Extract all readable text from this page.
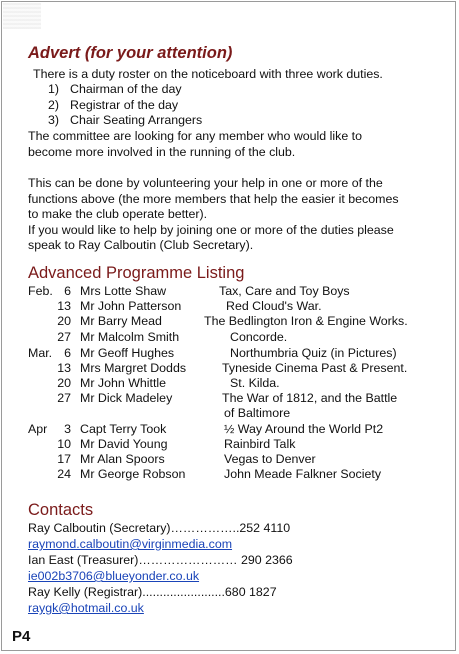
Advert (for your attention)
There is a duty roster on the noticeboard with three work duties.
1) Chairman of the day
2) Registrar of the day
3) Chair Seating Arrangers
The committee are looking for any member who would like to
become more involved in the running of the club.
This can be done by volunteering your help in one or more of the
functions above (the more members that help the easier it becomes
to make the club operate better).
If you would like to help by joining one or more of the duties please
speak to Ray Calboutin (Club Secretary).
Advanced Programme Listing
Feb. 6 Mrs Lotte Shaw	Tax, Care and Toy Boys
13 Mr John Patterson	Red Cloud's War.
20 Mr Barry Mead	The Bedlington Iron & Engine Works.
27 Mr Malcolm Smith	Concorde.
Mar. 6 Mr Geoff Hughes	Northumbria Quiz (in Pictures)
13 Mrs Margret Dodds	Tyneside Cinema Past & Present.
20 Mr John Whittle	St. Kilda.
27 Mr Dick Madeley	The War of 1812, and the Battle
of Baltimore
Apr	3 Capt Terry Took	½ Way Around the World Pt2
10 Mr David Young	Rainbird Talk
17 Mr Alan Spoors	Vegas to Denver
24 Mr George Robson	John Meade Falkner Society
Contacts
Ray Calboutin (Secretary)……………..252 4110
raymond.calboutin@virginmedia.com
Ian East (Treasurer)…………………… 290 2366
ie002b3706@blueyonder.co.uk
Ray Kelly (Registrar)........................680 1827
raygk@hotmail.co.uk
P4
